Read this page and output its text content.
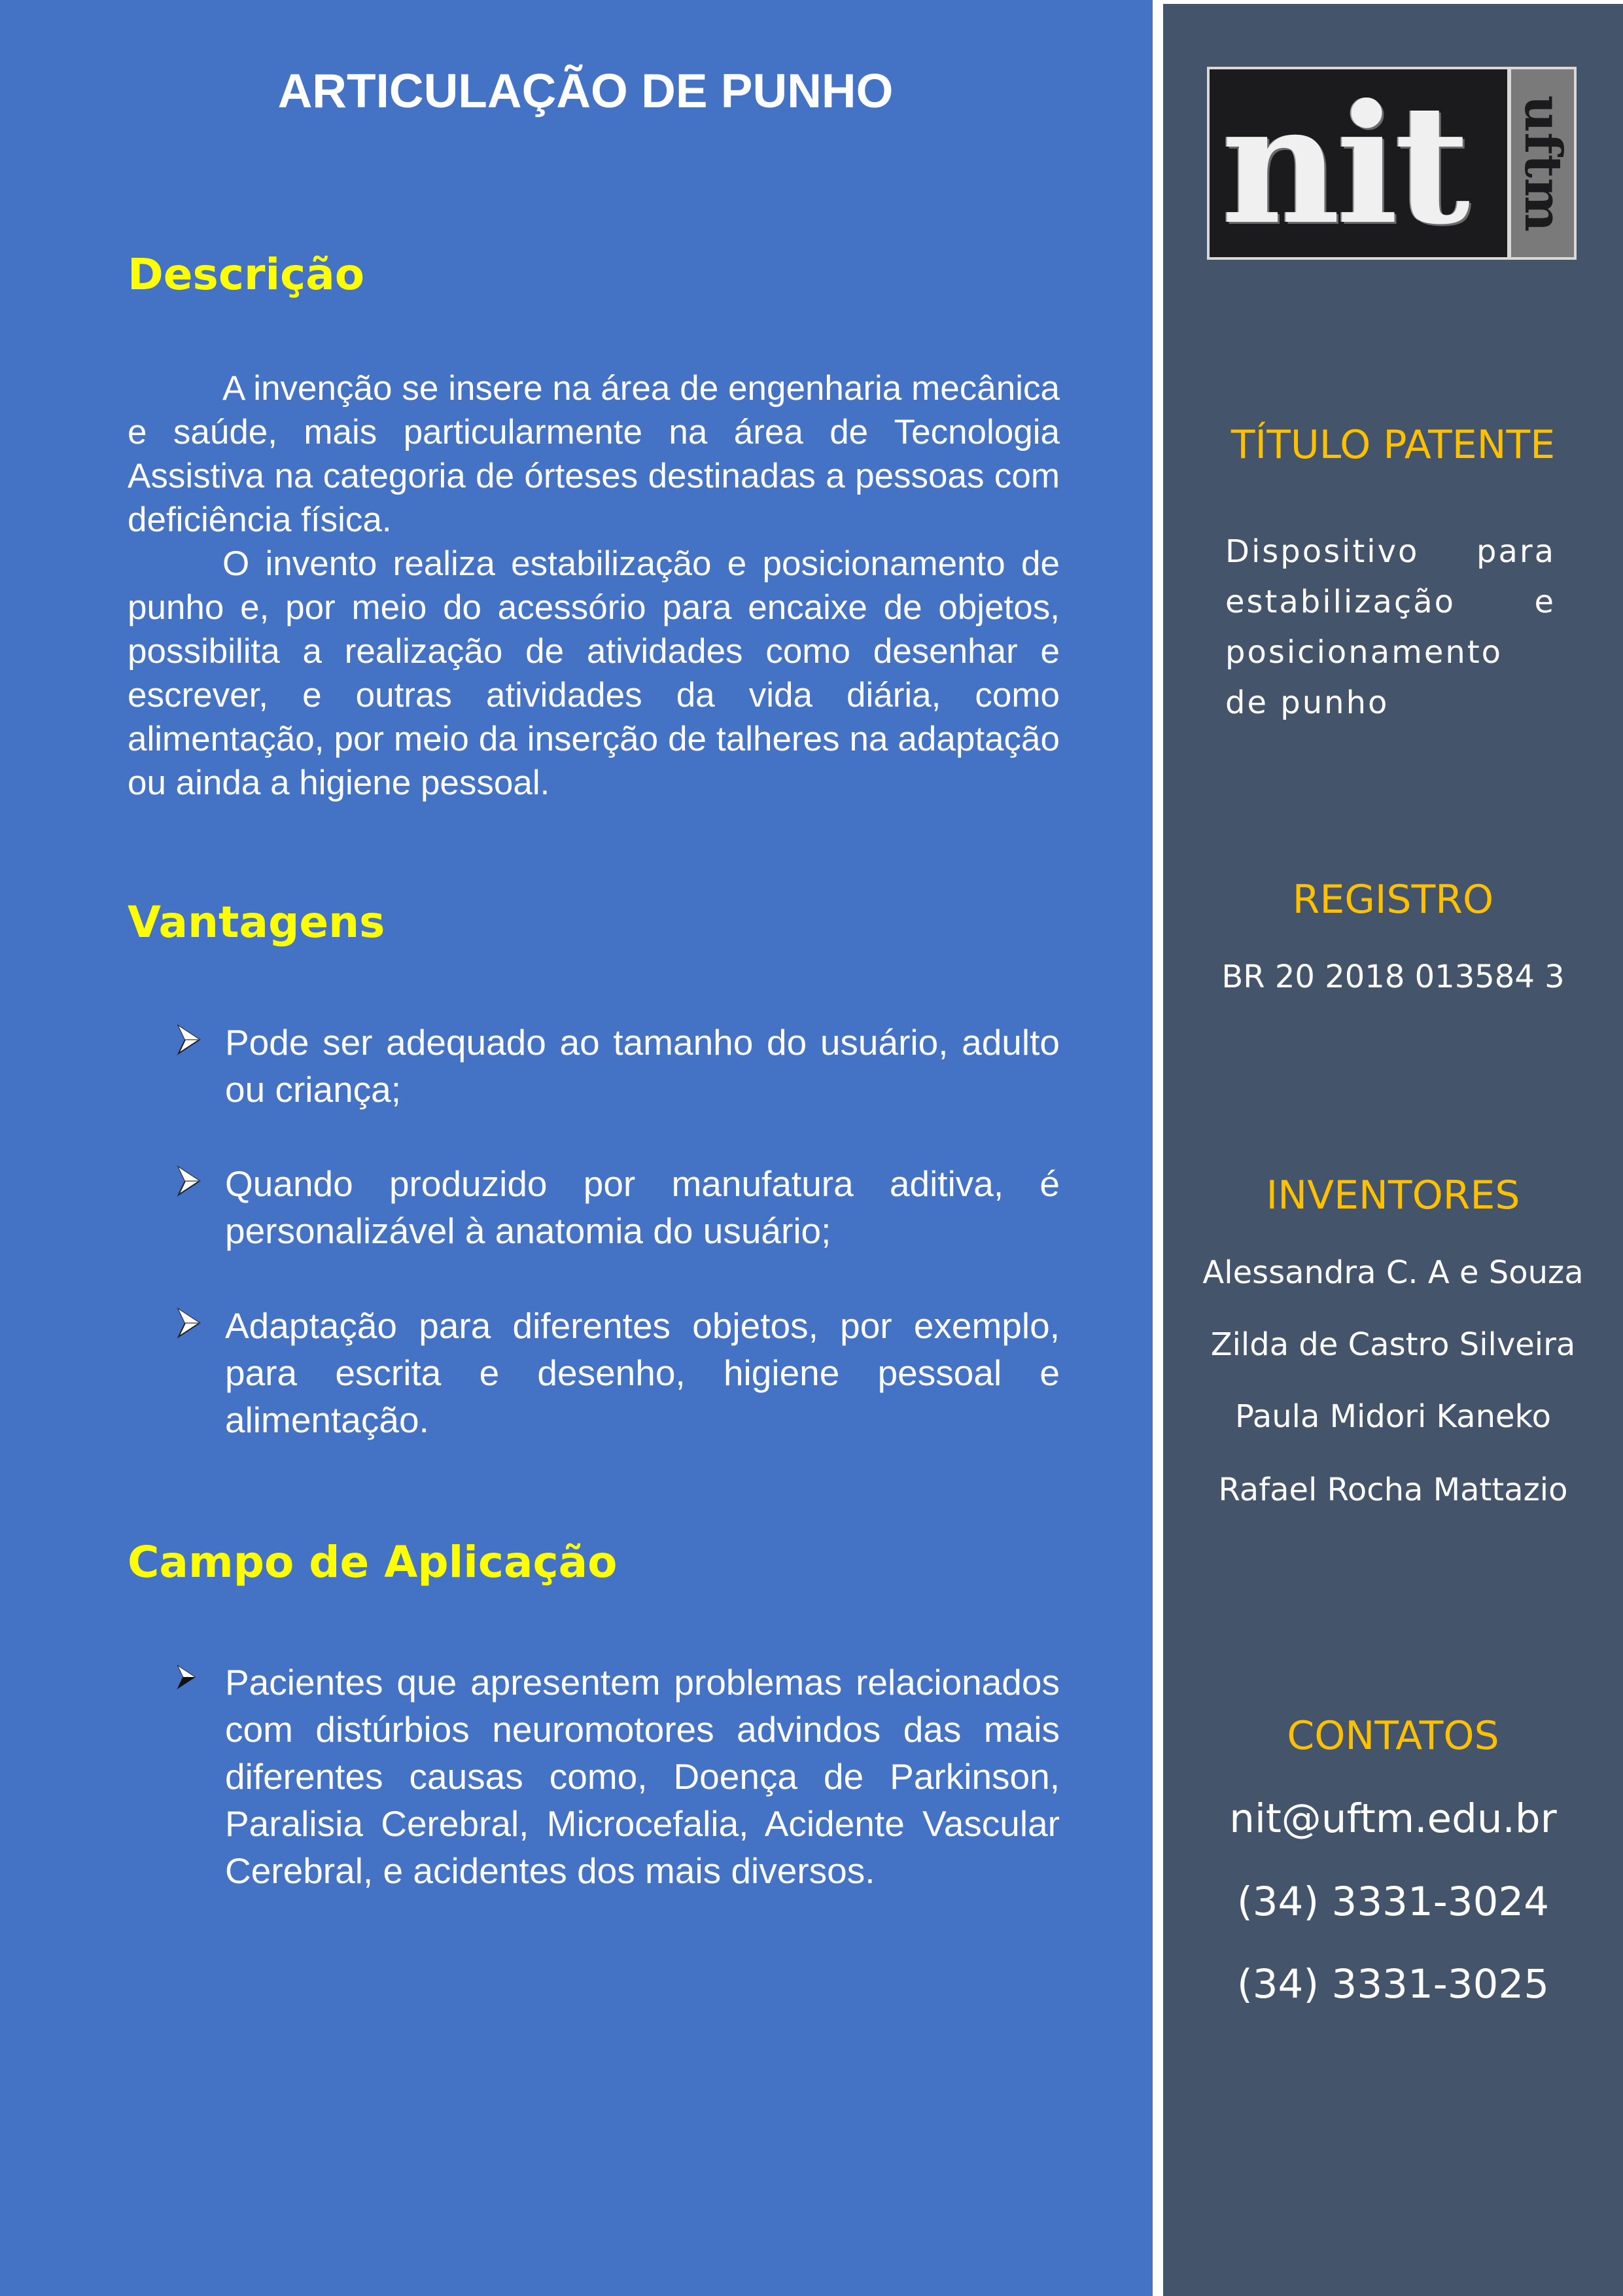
ARTICULAÇÃO DE PUNHO
Descrição

A invenção se insere na área de engenharia mecânica e saúde, mais particularmente na área de Tecnologia Assistiva na categoria de órteses destinadas a pessoas com deficiência física.

O invento realiza estabilização e posicionamento de punho e, por meio do acessório para encaixe de objetos, possibilita a realização de atividades como desenhar e escrever, e outras atividades da vida diária, como alimentação, por meio da inserção de talheres na adaptação ou ainda a higiene pessoal.

Vantagens
Pode ser adequado ao tamanho do usuário, adulto ou criança;
Quando produzido por manufatura aditiva, é personalizável à anatomia do usuário;
Adaptação para diferentes objetos, por exemplo, para escrita e desenho, higiene pessoal e alimentação.
Campo de Aplicação
Pacientes que apresentem problemas relacionados com distúrbios neuromotores advindos das mais diferentes causas como, Doença de Parkinson, Paralisia Cerebral, Microcefalia, Acidente Vascular Cerebral, e acidentes dos mais diversos.
nit uftm
TÍTULO PATENTE

Dispositivo para estabilização e posicionamento de punho

REGISTRO

BR 20 2018 013584 3

INVENTORES

Alessandra C. A e Souza

Zilda de Castro Silveira

Paula Midori Kaneko

Rafael Rocha Mattazio

CONTATOS

nit@uftm.edu.br

(34) 3331-3024

(34) 3331-3025
